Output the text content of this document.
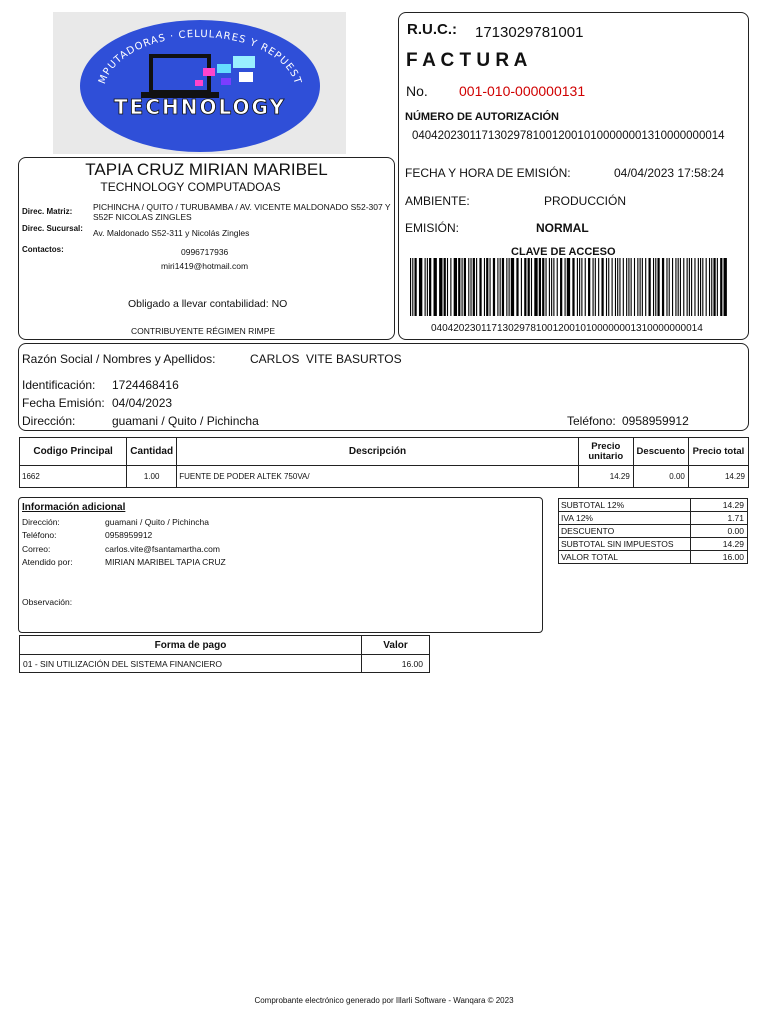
MPUTADORAS · CELULARES Y REPUEST
TECHNOLOGY
R.U.C.: 1713029781001
F A C T U R A
No. 001-010-000000131
NÚMERO DE AUTORIZACIÓN
0404202301171302978100120010100000001310000000014
FECHA Y HORA DE EMISIÓN:	04/04/2023 17:58:24
AMBIENTE:	PRODUCCIÓN
EMISIÓN:	NORMAL
CLAVE DE ACCESO
0404202301171302978100120010100000001310000000014
TAPIA CRUZ MIRIAN MARIBEL
TECHNOLOGY COMPUTADOAS
Direc. Matriz: PICHINCHA / QUITO / TURUBAMBA / AV. VICENTE MALDONADO S52-307 Y S52F NICOLAS ZINGLES
Direc. Sucursal: Av. Maldonado S52-311 y Nicolás Zingles
Contactos:	0996717936
miri1419@hotmail.com
Obligado a llevar contabilidad: NO
CONTRIBUYENTE RÉGIMEN RIMPE
Razón Social / Nombres y Apellidos:	CARLOS  VITE BASURTOS
Identificación: 1724468416
Fecha Emisión: 04/04/2023
Dirección:	guamani / Quito / Pichincha	Teléfono: 0958959912
Codigo Principal	Cantidad	Descripción	Precio unitario	Descuento	Precio total
1662	1.00	FUENTE DE PODER ALTEK 750VA/	14.29	0.00	14.29
Información adicional
Dirección:	guamani / Quito / Pichincha
Teléfono:	0958959912
Correo:	carlos.vite@fsantamartha.com
Atendido por:	MIRIAN MARIBEL TAPIA CRUZ
Observación:
SUBTOTAL 12%	14.29
IVA 12%	1.71
DESCUENTO	0.00
SUBTOTAL SIN IMPUESTOS	14.29
VALOR TOTAL	16.00
Forma de pago	Valor
01 - SIN UTILIZACIÓN DEL SISTEMA FINANCIERO	16.00
Comprobante electrónico generado por Illarli Software - Wanqara © 2023
